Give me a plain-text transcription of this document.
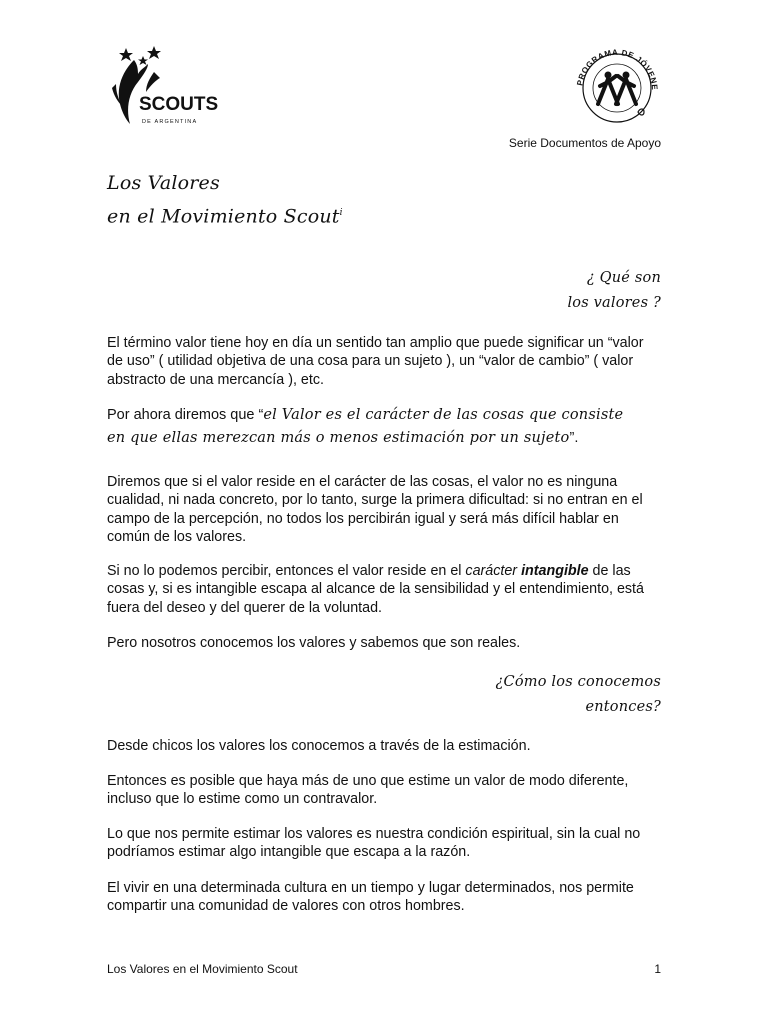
SCOUTS
DE ARGENTINA
PROGRAMA DE JÓVENE
Serie Documentos de Apoyo
Los Valores
en el Movimiento Scout$^i$
¿ Qué son
los valores ?

El término valor tiene hoy en día un sentido tan amplio que puede significar un “valor de uso” ( utilidad objetiva de una cosa para un sujeto ), un “valor de cambio” ( valor abstracto de una mercancía ), etc.

Por ahora diremos que “el Valor es el carácter de las cosas que consiste
en que ellas merezcan más o menos estimación por un sujeto”.

Diremos que si el valor reside en el carácter de las cosas, el valor no es ninguna cualidad, ni nada concreto, por lo tanto, surge la primera dificultad: si no entran en el campo de la percepción, no todos los percibirán igual y será más difícil hablar en común de los valores.

Si no lo podemos percibir, entonces el valor reside en el carácter intangible de las cosas y, si es intangible escapa al alcance de la sensibilidad y el entendimiento, está fuera del deseo y del querer de la voluntad.

Pero nosotros conocemos los valores y sabemos que son reales.

¿Cómo los conocemos
entonces?

Desde chicos los valores los conocemos a través de la estimación.

Entonces es posible que haya más de uno que estime un valor de modo diferente, incluso que lo estime como un contravalor.

Lo que nos permite estimar los valores es nuestra condición espiritual, sin la cual no podríamos estimar algo intangible que escapa a la razón.

El vivir en una determinada cultura en un tiempo y lugar determinados, nos permite compartir una comunidad de valores con otros hombres.

Los Valores en el Movimiento Scout	1
